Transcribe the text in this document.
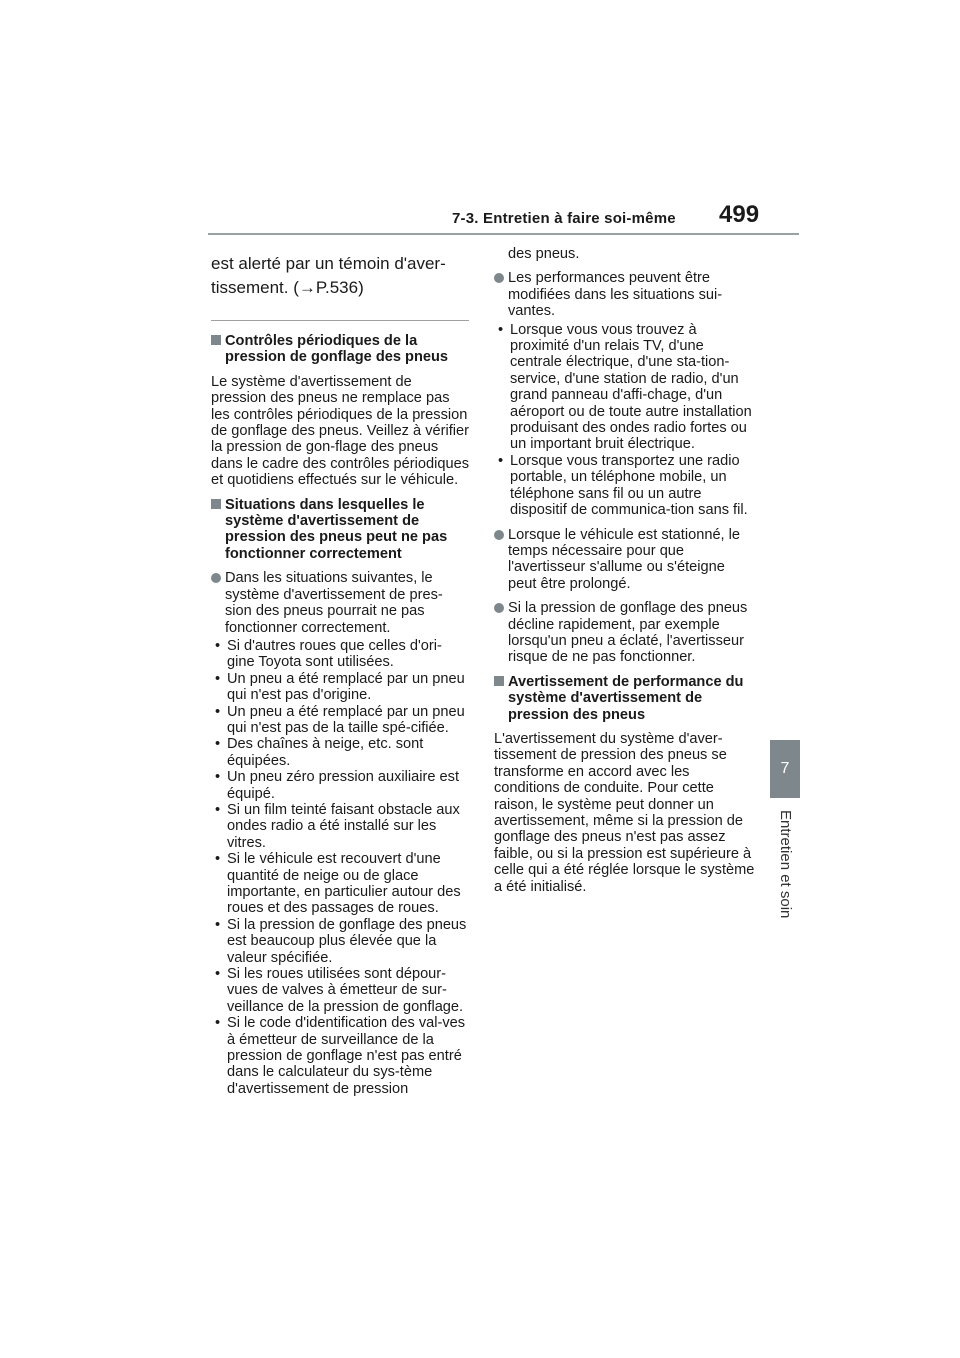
7-3. Entretien à faire soi-même 499
7
Entretien et soin

est alerté par un témoin d'aver-tissement. (→P.536)

Contrôles périodiques de la pression de gonflage des pneus

Le système d'avertissement de pression des pneus ne remplace pas les contrôles périodiques de la pression de gonflage des pneus. Veillez à vérifier la pression de gon-flage des pneus dans le cadre des contrôles périodiques et quotidiens effectués sur le véhicule.

Situations dans lesquelles le système d'avertissement de pression des pneus peut ne pas fonctionner correctement
Dans les situations suivantes, le système d'avertissement de pres-sion des pneus pourrait ne pas fonctionner correctement.
• Si d'autres roues que celles d'ori-gine Toyota sont utilisées.
• Un pneu a été remplacé par un pneu qui n'est pas d'origine.
• Un pneu a été remplacé par un pneu qui n'est pas de la taille spé-cifiée.
• Des chaînes à neige, etc. sont équipées.
• Un pneu zéro pression auxiliaire est équipé.
• Si un film teinté faisant obstacle aux ondes radio a été installé sur les vitres.
• Si le véhicule est recouvert d'une quantité de neige ou de glace importante, en particulier autour des roues et des passages de roues.
• Si la pression de gonflage des pneus est beaucoup plus élevée que la valeur spécifiée.
• Si les roues utilisées sont dépour-vues de valves à émetteur de sur-veillance de la pression de gonflage.
• Si le code d'identification des val-ves à émetteur de surveillance de la pression de gonflage n'est pas entré dans le calculateur du sys-tème d'avertissement de pression

des pneus.

Les performances peuvent être modifiées dans les situations sui-vantes.
• Lorsque vous vous trouvez à proximité d'un relais TV, d'une centrale électrique, d'une sta-tion-service, d'une station de radio, d'un grand panneau d'affi-chage, d'un aéroport ou de toute autre installation produisant des ondes radio fortes ou un important bruit électrique.
• Lorsque vous transportez une radio portable, un téléphone mobile, un téléphone sans fil ou un autre dispositif de communica-tion sans fil.
Lorsque le véhicule est stationné, le temps nécessaire pour que l'avertisseur s'allume ou s'éteigne peut être prolongé.
Si la pression de gonflage des pneus décline rapidement, par exemple lorsqu'un pneu a éclaté, l'avertisseur risque de ne pas fonctionner.
Avertissement de performance du système d'avertissement de pression des pneus

L'avertissement du système d'aver-tissement de pression des pneus se transforme en accord avec les conditions de conduite. Pour cette raison, le système peut donner un avertissement, même si la pression de gonflage des pneus n'est pas assez faible, ou si la pression est supérieure à celle qui a été réglée lorsque le système a été initialisé.
